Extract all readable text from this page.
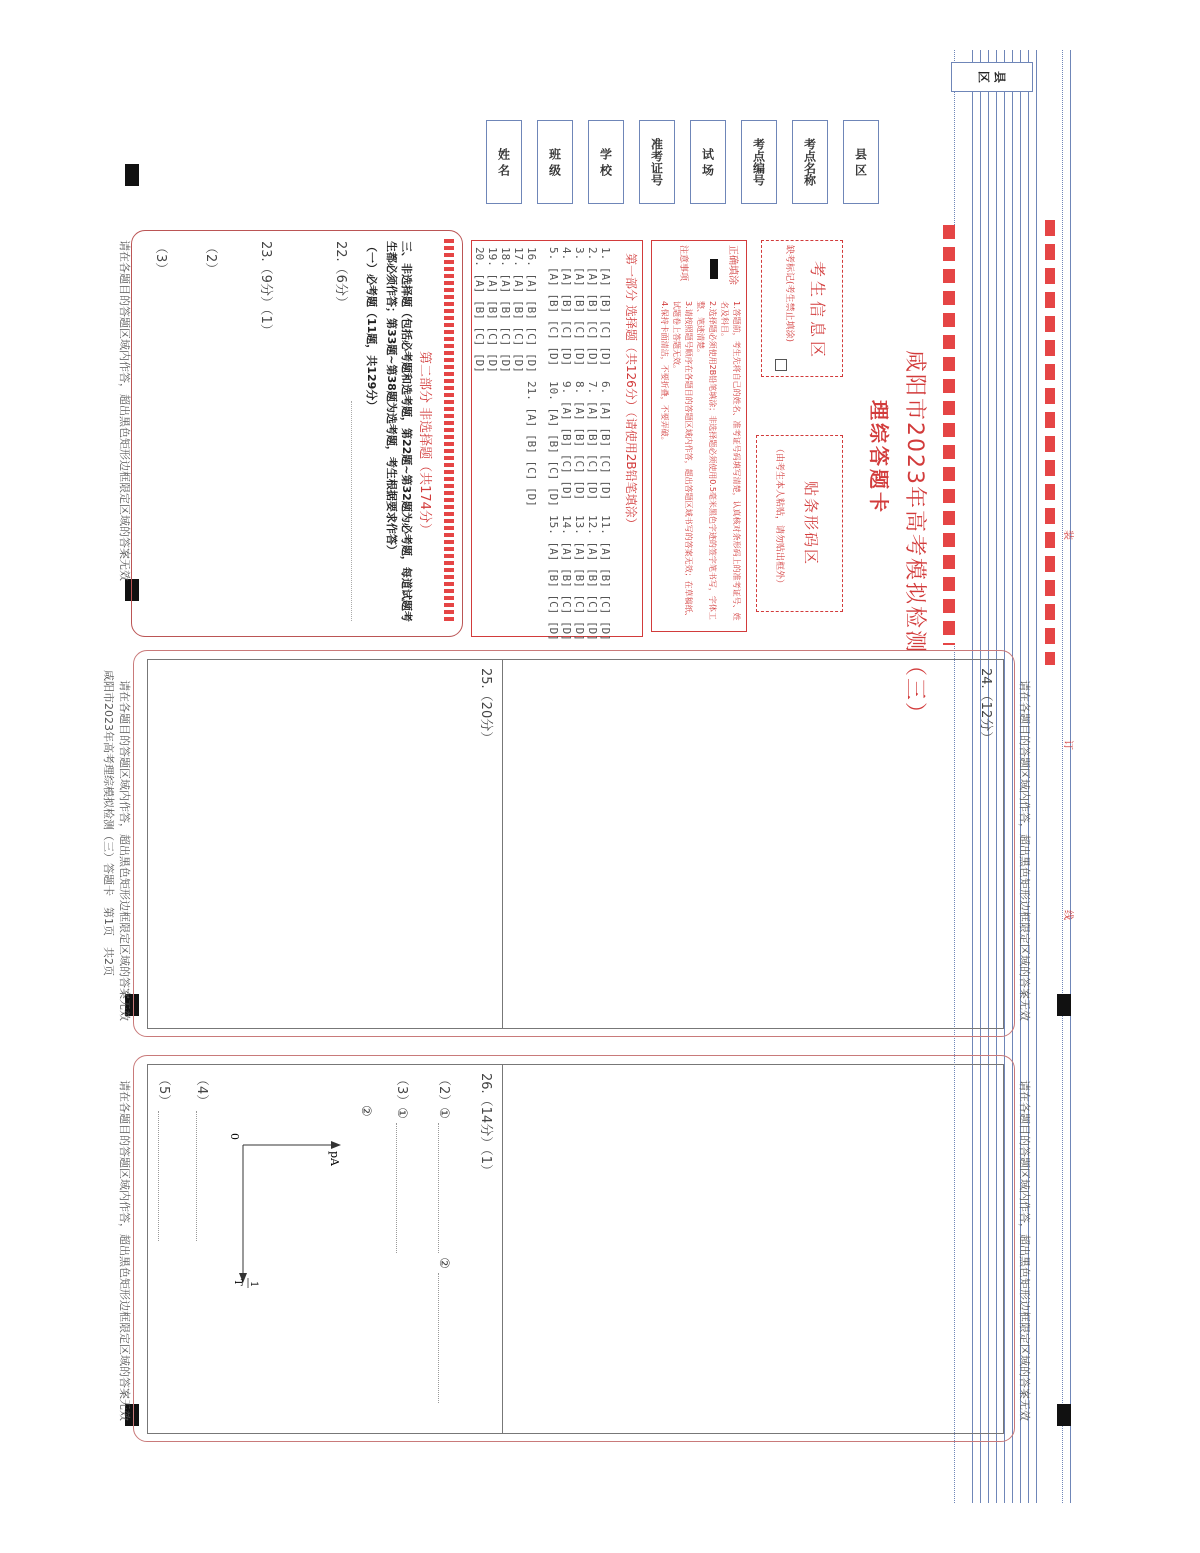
线
订
装
县 区
咸阳市2023年高考模拟检测（三）
理综答题卡
考生信息区
缺考标记(考生禁止填涂)
贴条形码区
（由考生本人粘贴，请勿贴出框外）
正确填涂
注意事项
1.答题前，考生先将自己的姓名、准考证号码填写清楚，认真核对条形码上的准考证号、姓名及科目。
2.选择题必须使用2B铅笔填涂；非选择题必须使用0.5毫米黑色字迹的签字笔书写，字体工整、笔迹清楚。
3.请按照题号顺序在各题目的答题区域内作答，超出答题区域书写的答案无效；在草稿纸、试题卷上答题无效。
4.保持卡面清洁，不要折叠，不要弄破。
第一部分 选择题（共126分）（请使用2B铅笔填涂）
1. [A] [B] [C] [D]
2. [A] [B] [C] [D]
3. [A] [B] [C] [D]
4. [A] [B] [C] [D]
5. [A] [B] [C] [D]
6. [A] [B] [C] [D]
7. [A] [B] [C] [D]
8. [A] [B] [C] [D]
9. [A] [B] [C] [D]
10. [A] [B] [C] [D]
11. [A] [B] [C] [D]
12. [A] [B] [C] [D]
13. [A] [B] [C] [D]
14. [A] [B] [C] [D]
15. [A] [B] [C] [D]
16. [A] [B] [C] [D]
17. [A] [B] [C] [D]
18. [A] [B] [C] [D]
19. [A] [B] [C] [D]
20. [A] [B] [C] [D]
21. [A] [B] [C] [D]
第二部分 非选择题（共174分）
三、非选择题（包括必考题和选考题，第22题~第32题为必考题，每道试题考生都必须作答；第33题~第38题为选考题，考生根据要求作答）
（一）必考题（11题，共129分）
22.（6分）
23.（9分）（1）
（2）
（3）
请在各题目的答题区域内作答，超出黑色矩形边框限定区域的答案无效
24.（12分）
25.（20分）	请在各题目的答题区域内作答，超出黑色矩形边框限定区域的答案无效
请在各题目的答题区域内作答，超出黑色矩形边框限定区域的答案无效
咸阳市2023年高考理综模拟检测（三）答题卡　第1页　共2页
26.（14分）（1）
（2）①  ②
（3）①
②
pA
0
1
T
（4）
（5）	请在各题目的答题区域内作答，超出黑色矩形边框限定区域的答案无效
请在各题目的答题区域内作答，超出黑色矩形边框限定区域的答案无效
县 区
考点名称
考点编号
试 场
准考证号
学 校
班 级
姓 名
